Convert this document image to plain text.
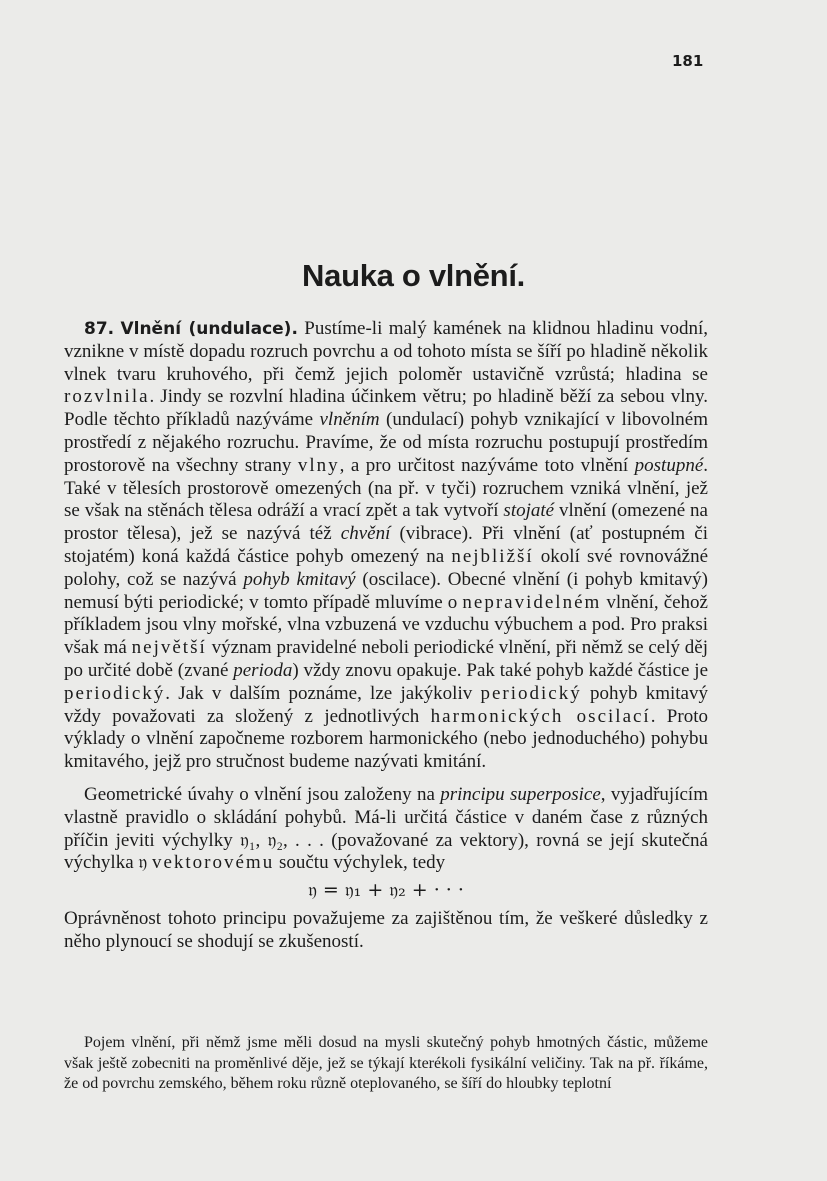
181
Nauka o vlnění.

87. Vlnění (undulace). Pustíme-li malý kamének na klidnou hladinu vodní, vznikne v místě dopadu rozruch povrchu a od tohoto místa se šíří po hladině několik vlnek tvaru kruhového, při čemž jejich poloměr ustavičně vzrůstá; hladina se rozvlnila. Jindy se rozvlní hladina účinkem větru; po hladině běží za sebou vlny. Podle těchto příkladů nazýváme vlněním (undulací) pohyb vznikající v libovolném prostředí z nějakého rozruchu. Pravíme, že od místa rozruchu postupují prostředím prostorově na všechny strany vlny, a pro určitost nazýváme toto vlnění postupné. Také v tělesích prostorově omezených (na př. v tyči) rozruchem vzniká vlnění, jež se však na stěnách tělesa odráží a vrací zpět a tak vytvoří stojaté vlnění (omezené na prostor tělesa), jež se nazývá též chvění (vibrace). Při vlnění (ať postupném či stojatém) koná každá částice pohyb omezený na nejbližší okolí své rovnovážné polohy, což se nazývá pohyb kmitavý (oscilace). Obecné vlnění (i pohyb kmitavý) nemusí býti periodické; v tomto případě mluvíme o nepravidelném vlnění, čehož příkladem jsou vlny mořské, vlna vzbuzená ve vzduchu výbuchem a pod. Pro praksi však má největší význam pravidelné neboli periodické vlnění, při němž se celý děj po určité době (zvané perioda) vždy znovu opakuje. Pak také pohyb každé částice je periodický. Jak v dalším poznáme, lze jakýkoliv periodický pohyb kmitavý vždy považovati za složený z jednotlivých harmonických oscilací. Proto výklady o vlnění započneme rozborem harmonického (nebo jednoduchého) pohybu kmitavého, jejž pro stručnost budeme nazývati kmitání.

Geometrické úvahy o vlnění jsou založeny na principu superposice, vyjadřujícím vlastně pravidlo o skládání pohybů. Má-li určitá částice v daném čase z různých příčin jeviti výchylky 𝔶₁, 𝔶₂, . . . (považované za vektory), rovná se její skutečná výchylka 𝔶 vektorovému součtu výchylek, tedy

𝔶 = 𝔶₁ + 𝔶₂ + · · ·

Oprávněnost tohoto principu považujeme za zajištěnou tím, že veškeré důsledky z něho plynoucí se shodují se zkušeností.

Pojem vlnění, při němž jsme měli dosud na mysli skutečný pohyb hmotných částic, můžeme však ještě zobecniti na proměnlivé děje, jež se týkají kterékoli fysikální veličiny. Tak na př. říkáme, že od povrchu zemského, během roku různě oteplovaného, se šíří do hloubky teplotní
